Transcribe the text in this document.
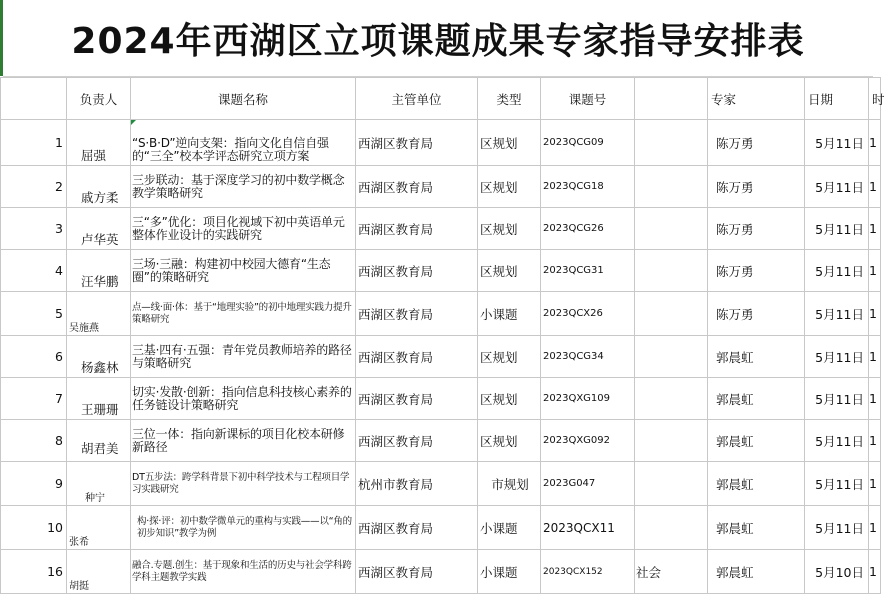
2024年西湖区立项课题成果专家指导安排表
	负责人	课题名称	主管单位	类型	课题号		专家	日期	时
1	屈强	“S·B·D”逆向支架：指向文化自信自强的“三全”校本学评态研究立项方案	西湖区教育局	区规划	2023QCG09		陈万勇	5月11日	1
2	戚方柔	三步联动：基于深度学习的初中数学概念教学策略研究	西湖区教育局	区规划	2023QCG18		陈万勇	5月11日	1
3	卢华英	三“多”优化：项目化视域下初中英语单元整体作业设计的实践研究	西湖区教育局	区规划	2023QCG26		陈万勇	5月11日	1
4	汪华鹏	三场·三融：构建初中校园大德育“生态圈”的策略研究	西湖区教育局	区规划	2023QCG31		陈万勇	5月11日	1
5	吴施燕	点—线·面·体：基于“地理实验”的初中地理实践力提升策略研究	西湖区教育局	小课题	2023QCX26		陈万勇	5月11日	1
6	杨鑫林	三基·四有·五强：青年党员教师培养的路径与策略研究	西湖区教育局	区规划	2023QCG34		郭晨虹	5月11日	1
7	王珊珊	切实·发散·创新：指向信息科技核心素养的任务链设计策略研究	西湖区教育局	区规划	2023QXG109		郭晨虹	5月11日	1
8	胡君美	三位一体：指向新课标的项目化校本研修新路径	西湖区教育局	区规划	2023QXG092		郭晨虹	5月11日	1
9	种宁	DT五步法：跨学科背景下初中科学技术与工程项目学习实践研究	杭州市教育局	市规划	2023G047		郭晨虹	5月11日	1
10	张希	构·探·评：初中数学微单元的重构与实践——以“角的初步知识”教学为例	西湖区教育局	小课题	2023QCX11		郭晨虹	5月11日	1
16	胡挺	融合.专题.创生：基于现象和生活的历史与社会学科跨学科主题教学实践	西湖区教育局	小课题	2023QCX152	社会	郭晨虹	5月10日	1
